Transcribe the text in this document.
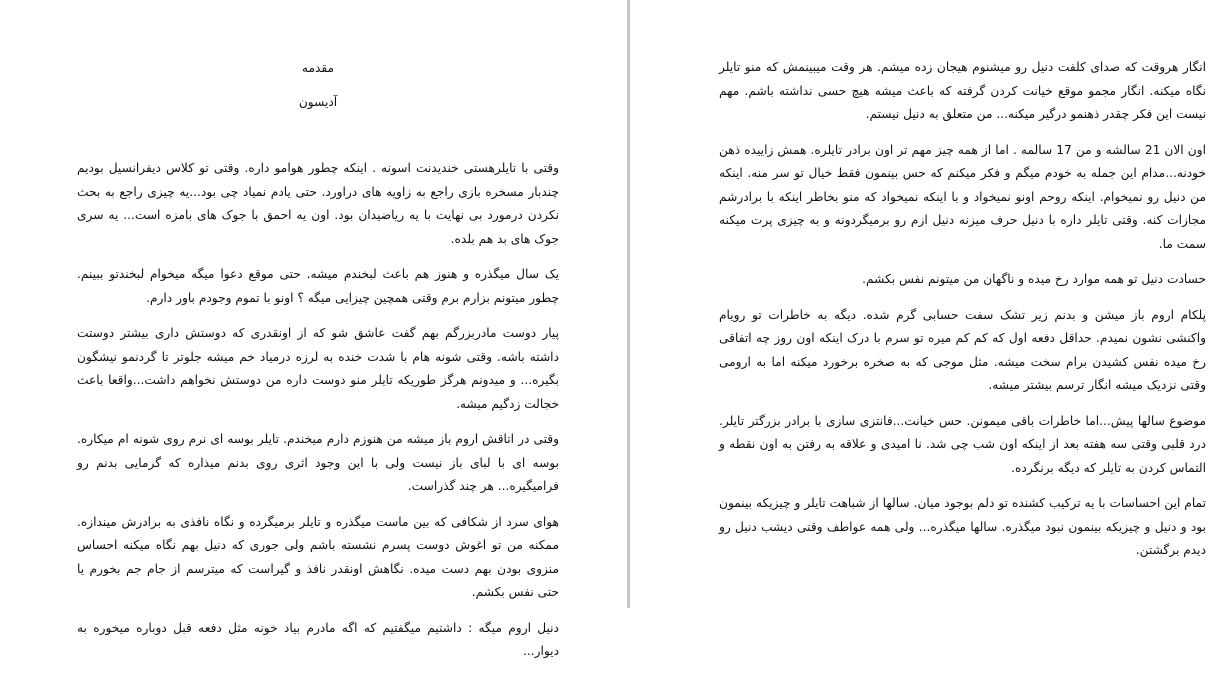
مقدمه
آدیسون

وقتی با تایلرهستی خندیدنت اسونه . اینکه چطور هوامو داره. وقتی تو کلاس دیفرانسیل بودیم چندبار مسخره بازی راجع به زاویه های دراورد. حتی یادم نمیاد چی بود...یه چیزی راجع به بحث نکردن درمورد بی نهایت با یه ریاضیدان بود. اون یه احمق با جوک های بامزه است... یه سری جوک های بد هم بلده.

یک سال میگذره و هنوز هم باعث لبخندم میشه. حتی موقع دعوا میگه میخوام لبخندتو ببینم. چطور میتونم بزارم برم وقتی همچین چیزایی میگه ؟ اونو با تموم وجودم باور دارم.

پیار دوست مادربزرگم بهم گفت عاشق شو که از اونقدری که دوستش داری بیشتر دوستت داشته باشه. وقتی شونه هام با شدت خنده به لرزه درمیاد خم میشه جلوتر تا گردنمو نیشگون بگیره... و میدونم هرگز طوریکه تایلر منو دوست داره من دوستش نخواهم داشت...واقعا باعث خجالت زدگیم میشه.

وقتی در اتاقش اروم باز میشه من هنوزم دارم میخندم. تایلر بوسه ای نرم روی شونه ام میکاره. بوسه ای با لبای باز نیست ولی با این وجود اثری روی بدنم میذاره که گرمایی بدنم رو فرامیگیره... هر چند گذراست.

هوای سرد از شکافی که بین ماست میگذره و تایلر برمیگرده و نگاه نافذی به برادرش میندازه. ممکنه من تو اغوش دوست پسرم نشسته باشم ولی جوری که دنیل بهم نگاه میکنه احساس منزوی بودن بهم دست میده. نگاهش اونقدر نافذ و گیراست که میترسم از جام جم بخورم یا حتی نفس بکشم.

دنیل اروم میگه : داشتیم میگفتیم که اگه مادرم بیاد خونه مثل دفعه قبل دوباره میخوره به دیوار...

انگار هروقت که صدای کلفت دنیل رو میشنوم هیجان زده میشم. هر وقت میبینمش که منو تایلر نگاه میکنه. انگار مجمو موقع خیانت کردن گرفته که باعث میشه هیچ حسی نداشته باشم. مهم نیست این فکر چقدر ذهنمو درگیر میکنه... من متعلق به دنیل نیستم.

اون الان 21 سالشه و من 17 سالمه . اما از همه چیز مهم تر اون برادر تایلره. همش زاییده ذهن خودنه...مدام این جمله به خودم میگم و فکر میکنم که حس بینمون فقط خیال تو سر منه. اینکه من دنیل رو نمیخوام. اینکه روحم اونو نمیخواد و با اینکه نمیخواد که منو بخاطر اینکه با برادرشم مجازات کنه. وقتی تایلر داره با دنیل حرف میزنه دنیل ازم رو برمیگردونه و به چیزی پرت میکنه سمت ما.

حسادت دنیل تو همه موارد رخ میده و ناگهان من میتونم نفس بکشم.

پلکام اروم باز میشن و بدنم زیر تشک سفت حسابی گرم شده. دیگه به خاطرات تو رویام واکنشی نشون نمیدم. حداقل دفعه اول که کم کم میره تو سرم با درک اینکه اون روز چه اتفاقی رخ میده نفس کشیدن برام سخت میشه. مثل موجی که به صخره برخورد میکنه اما به ارومی وقتی نزدیک میشه انگار ترسم بیشتر میشه.

موضوع سالها پیش...اما خاطرات باقی میمونن. حس خیانت...فانتزی سازی با برادر بزرگتر تایلر. درد قلبی وقتی سه هفته بعد از اینکه اون شب چی شد. نا امیدی و علاقه به رفتن به اون نقطه و التماس کردن به تایلر که دیگه برنگرده.

تمام این احساسات با یه ترکیب کشنده تو دلم بوجود میان. سالها از شباهت تایلر و چیزیکه بینمون بود و دنیل و چیزیکه بینمون نبود میگذره. سالها میگذره... ولی همه عواطف وقتی دیشب دنیل رو دیدم برگشتن.
